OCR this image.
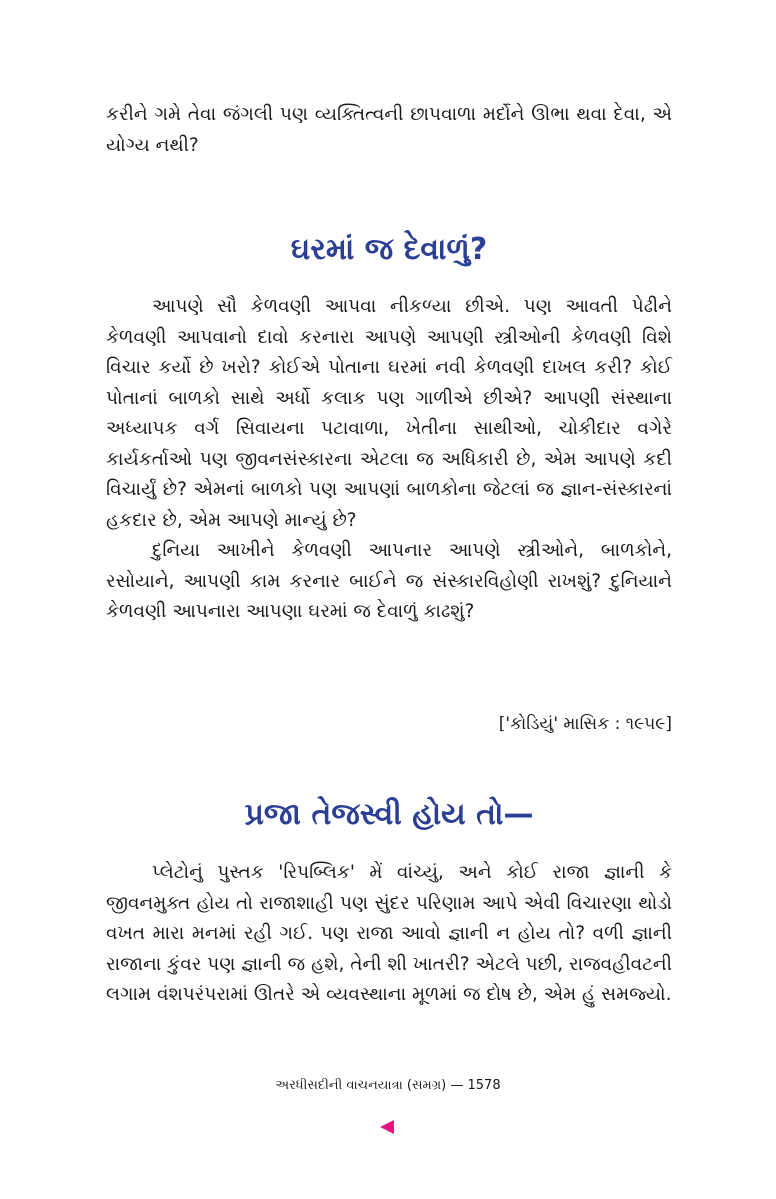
કરીને ગમે તેવા જંગલી પણ વ્યક્તિત્વની છાપવાળા મર્દોને ઊભા થવા દેવા, એ યોગ્ય નથી?

ઘરમાં જ દેવાળું?

આપણે સૌ કેળવણી આપવા નીકળ્યા છીએ. પણ આવતી પેઢીને કેળવણી આપવાનો દાવો કરનારા આપણે આપણી સ્ત્રીઓની કેળવણી વિશે વિચાર કર્યો છે ખરો? કોઈએ પોતાના ઘરમાં નવી કેળવણી દાખલ કરી? કોઈ પોતાનાં બાળકો સાથે અર્ધો કલાક પણ ગાળીએ છીએ? આપણી સંસ્થાના અધ્યાપક વર્ગ સિવાયના પટાવાળા, ખેતીના સાથીઓ, ચોકીદાર વગેરે કાર્યકર્તાઓ પણ જીવનસંસ્કારના એટલા જ અધિકારી છે, એમ આપણે કદી વિચાર્યું છે? એમનાં બાળકો પણ આપણાં બાળકોના જેટલાં જ જ્ઞાન-સંસ્કારનાં હકદાર છે, એમ આપણે માન્યું છે?

દુનિયા આખીને કેળવણી આપનાર આપણે સ્ત્રીઓને, બાળકોને, રસોયાને, આપણી કામ કરનાર બાઈને જ સંસ્કારવિહોણી રાખશું? દુનિયાને કેળવણી આપનારા આપણા ઘરમાં જ દેવાળું કાઢશું?

['કોડિયું' માસિક : ૧૯૫૯]

પ્રજા તેજસ્વી હોય તો—

પ્લેટોનું પુસ્તક 'રિપબ્લિક' મેં વાંચ્યું, અને કોઈ રાજા જ્ઞાની કે જીવનમુક્ત હોય તો રાજાશાહી પણ સુંદર પરિણામ આપે એવી વિચારણા થોડો વખત મારા મનમાં રહી ગઈ. પણ રાજા આવો જ્ઞાની ન હોય તો? વળી જ્ઞાની રાજાના કુંવર પણ જ્ઞાની જ હશે, તેની શી ખાતરી? એટલે પછી, રાજવહીવટની લગામ વંશપરંપરામાં ઊતરે એ વ્યવસ્થાના મૂળમાં જ દોષ છે, એમ હું સમજ્યો.

અરધીસદીની વાચનયાત્રા (સમગ્ર) — 1578
